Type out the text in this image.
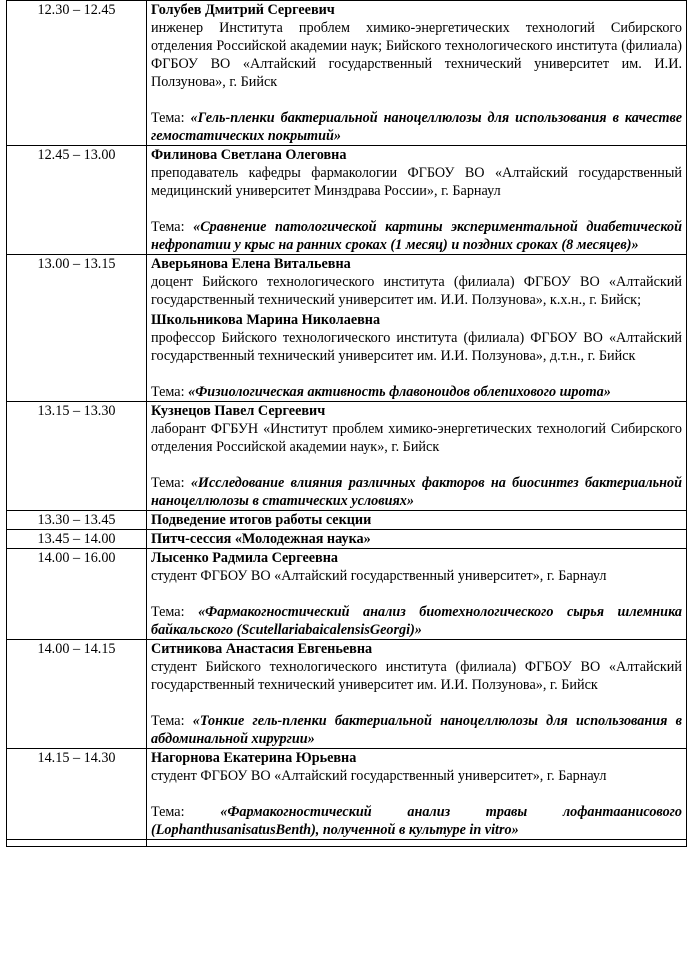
12.30 – 12.45	Голубев Дмитрий Сергеевич
инженер Института проблем химико-энергетических технологий Сибирского отделения Российской академии наук; Бийского технологического института (филиала) ФГБОУ ВО «Алтайский государственный технический университет им. И.И. Ползунова», г. Бийск
Тема: «Гель-пленки бактериальной наноцеллюлозы для использования в качестве гемостатических покрытий»

12.45 – 13.00	Филинова Светлана Олеговна
преподаватель кафедры фармакологии ФГБОУ ВО «Алтайский государственный медицинский университет Минздрава России», г. Барнаул
Тема: «Сравнение патологической картины экспериментальной диабетической нефропатии у крыс на ранних сроках (1 месяц) и поздних сроках (8 месяцев)»

13.00 – 13.15	Аверьянова Елена Витальевна
доцент Бийского технологического института (филиала) ФГБОУ ВО «Алтайский государственный технический университет им. И.И. Ползунова», к.х.н., г. Бийск;
Школьникова Марина Николаевна
профессор Бийского технологического института (филиала) ФГБОУ ВО «Алтайский государственный технический университет им. И.И. Ползунова», д.т.н., г. Бийск
Тема: «Физиологическая активность флавоноидов облепихового шрота»

13.15 – 13.30	Кузнецов Павел Сергеевич
лаборант ФГБУН «Институт проблем химико-энергетических технологий Сибирского отделения Российской академии наук», г. Бийск
Тема: «Исследование влияния различных факторов на биосинтез бактериальной наноцеллюлозы в статических условиях»

13.30 – 13.45	Подведение итогов работы секции

13.45 – 14.00	Питч-сессия «Молодежная наука»

14.00 – 16.00	Лысенко Радмила Сергеевна
студент ФГБОУ ВО «Алтайский государственный университет», г. Барнаул
Тема: «Фармакогностический анализ биотехнологического сырья шлемника байкальского (ScutellariabaicalensisGeorgi)»

14.00 – 14.15	Ситникова Анастасия Евгеньевна
студент Бийского технологического института (филиала) ФГБОУ ВО «Алтайский государственный технический университет им. И.И. Ползунова», г. Бийск
Тема: «Тонкие гель-пленки бактериальной наноцеллюлозы для использования в абдоминальной хирургии»

14.15 – 14.30	Нагорнова Екатерина Юрьевна
студент ФГБОУ ВО «Алтайский государственный университет», г. Барнаул
Тема: «Фармакогностический анализ травы лофантаанисового (LophanthusanisatusBenth), полученной в культуре in vitro»
